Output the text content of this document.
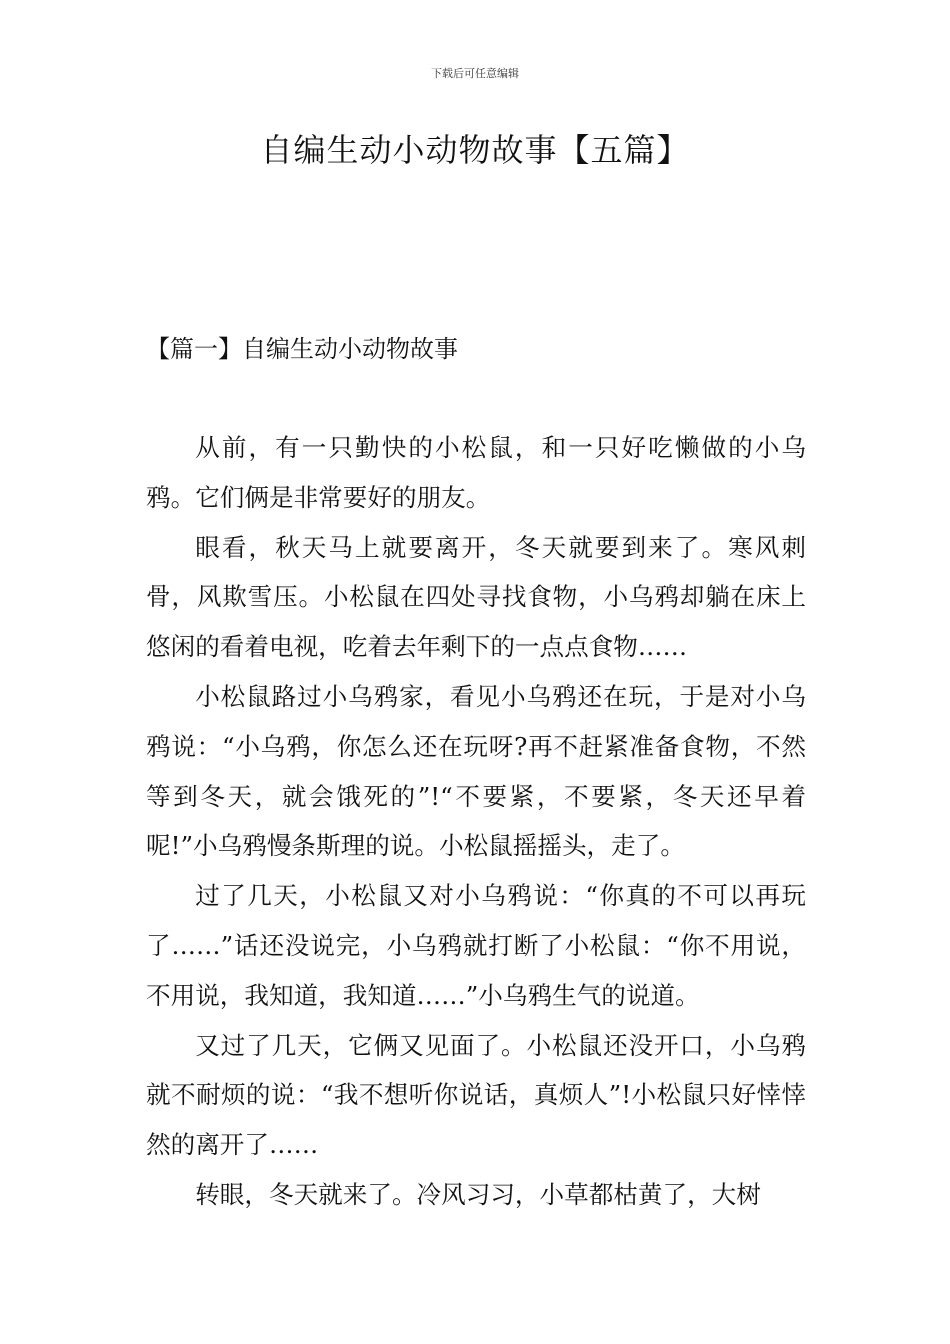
下载后可任意编辑
自编生动小动物故事【五篇】
【篇一】自编生动小动物故事

从前，有一只勤快的小松鼠，和一只好吃懒做的小乌鸦。它们俩是非常要好的朋友。

眼看，秋天马上就要离开，冬天就要到来了。寒风刺骨，风欺雪压。小松鼠在四处寻找食物，小乌鸦却躺在床上悠闲的看着电视，吃着去年剩下的一点点食物……

小松鼠路过小乌鸦家，看见小乌鸦还在玩，于是对小乌鸦说：“小乌鸦，你怎么还在玩呀?再不赶紧准备食物，不然等到冬天，就会饿死的”!“不要紧，不要紧，冬天还早着呢!”小乌鸦慢条斯理的说。小松鼠摇摇头，走了。

过了几天，小松鼠又对小乌鸦说：“你真的不可以再玩了……”话还没说完，小乌鸦就打断了小松鼠：“你不用说，不用说，我知道，我知道……”小乌鸦生气的说道。

又过了几天，它俩又见面了。小松鼠还没开口，小乌鸦就不耐烦的说：“我不想听你说话，真烦人”!小松鼠只好悻悻然的离开了……

转眼，冬天就来了。冷风习习，小草都枯黄了，大树
